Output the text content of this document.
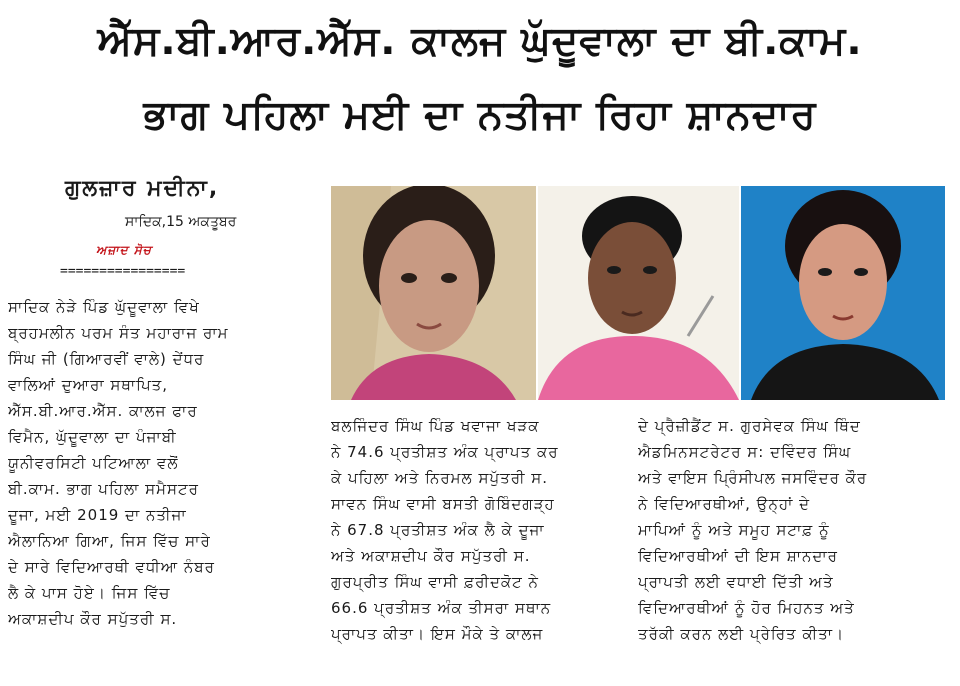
ਐੱਸ.ਬੀ.ਆਰ.ਐੱਸ. ਕਾਲਜ ਘੁੱਦੂਵਾਲਾ ਦਾ ਬੀ.ਕਾਮ.
ਭਾਗ ਪਹਿਲਾ ਮਈ ਦਾ ਨਤੀਜਾ ਰਿਹਾ ਸ਼ਾਨਦਾਰ
ਗੁਲਜ਼ਾਰ ਮਦੀਨਾ,
ਸਾਦਿਕ,15 ਅਕਤੂਬਰ
ਅਜ਼ਾਦ ਸੋਚ
================

ਸਾਦਿਕ ਨੇੜੇ ਪਿੰਡ ਘੁੱਦੂਵਾਲਾ ਵਿਖੇ

ਬ੍ਰਹਮਲੀਨ ਪਰਮ ਸੰਤ ਮਹਾਰਾਜ ਰਾਮ

ਸਿੰਘ ਜੀ (ਗਿਆਰਵੀਂ ਵਾਲੇ) ਦੇਂਧਰ

ਵਾਲਿਆਂ ਦੁਆਰਾ ਸਥਾਪਿਤ,

ਐੱਸ.ਬੀ.ਆਰ.ਐੱਸ. ਕਾਲਜ ਫਾਰ

ਵਿਮੈਨ, ਘੁੱਦੂਵਾਲਾ ਦਾ ਪੰਜਾਬੀ

ਯੂਨੀਵਰਸਿਟੀ ਪਟਿਆਲਾ ਵਲੋਂ

ਬੀ.ਕਾਮ. ਭਾਗ ਪਹਿਲਾ ਸਮੈਸਟਰ

ਦੂਜਾ, ਮਈ 2019 ਦਾ ਨਤੀਜਾ

ਐਲਾਨਿਆ ਗਿਆ, ਜਿਸ ਵਿੱਚ ਸਾਰੇ

ਦੇ ਸਾਰੇ ਵਿਦਿਆਰਥੀ ਵਧੀਆ ਨੰਬਰ

ਲੈ ਕੇ ਪਾਸ ਹੋਏ। ਜਿਸ ਵਿੱਚ

ਅਕਾਸ਼ਦੀਪ ਕੌਰ ਸਪੁੱਤਰੀ ਸ.

ਬਲਜਿੰਦਰ ਸਿੰਘ ਪਿੰਡ ਖਵਾਜਾ ਖੜਕ

ਨੇ 74.6 ਪ੍ਰਤੀਸ਼ਤ ਅੰਕ ਪ੍ਰਾਪਤ ਕਰ

ਕੇ ਪਹਿਲਾ ਅਤੇ ਨਿਰਮਲ ਸਪੁੱਤਰੀ ਸ.

ਸਾਵਨ ਸਿੰਘ ਵਾਸੀ ਬਸਤੀ ਗੋਬਿੰਦਗੜ੍ਹ

ਨੇ 67.8 ਪ੍ਰਤੀਸ਼ਤ ਅੰਕ ਲੈ ਕੇ ਦੂਜਾ

ਅਤੇ ਅਕਾਸ਼ਦੀਪ ਕੌਰ ਸਪੁੱਤਰੀ ਸ.

ਗੁਰਪ੍ਰੀਤ ਸਿੰਘ ਵਾਸੀ ਫ਼ਰੀਦਕੋਟ ਨੇ

66.6 ਪ੍ਰਤੀਸ਼ਤ ਅੰਕ ਤੀਸਰਾ ਸਥਾਨ

ਪ੍ਰਾਪਤ ਕੀਤਾ। ਇਸ ਮੌਕੇ ਤੇ ਕਾਲਜ

ਦੇ ਪ੍ਰੈਜ਼ੀਡੈਂਟ ਸ. ਗੁਰਸੇਵਕ ਸਿੰਘ ਥਿੰਦ

ਐਡਮਿਨਸਟਰੇਟਰ ਸ: ਦਵਿੰਦਰ ਸਿੰਘ

ਅਤੇ ਵਾਇਸ ਪ੍ਰਿੰਸੀਪਲ ਜਸਵਿੰਦਰ ਕੌਰ

ਨੇ ਵਿਦਿਆਰਥੀਆਂ, ਉਨ੍ਹਾਂ ਦੇ

ਮਾਪਿਆਂ ਨੂੰ ਅਤੇ ਸਮੂਹ ਸਟਾਫ਼ ਨੂੰ

ਵਿਦਿਆਰਥੀਆਂ ਦੀ ਇਸ ਸ਼ਾਨਦਾਰ

ਪ੍ਰਾਪਤੀ ਲਈ ਵਧਾਈ ਦਿੱਤੀ ਅਤੇ

ਵਿਦਿਆਰਥੀਆਂ ਨੂੰ ਹੋਰ ਮਿਹਨਤ ਅਤੇ

ਤਰੱਕੀ ਕਰਨ ਲਈ ਪ੍ਰੇਰਿਤ ਕੀਤਾ।
